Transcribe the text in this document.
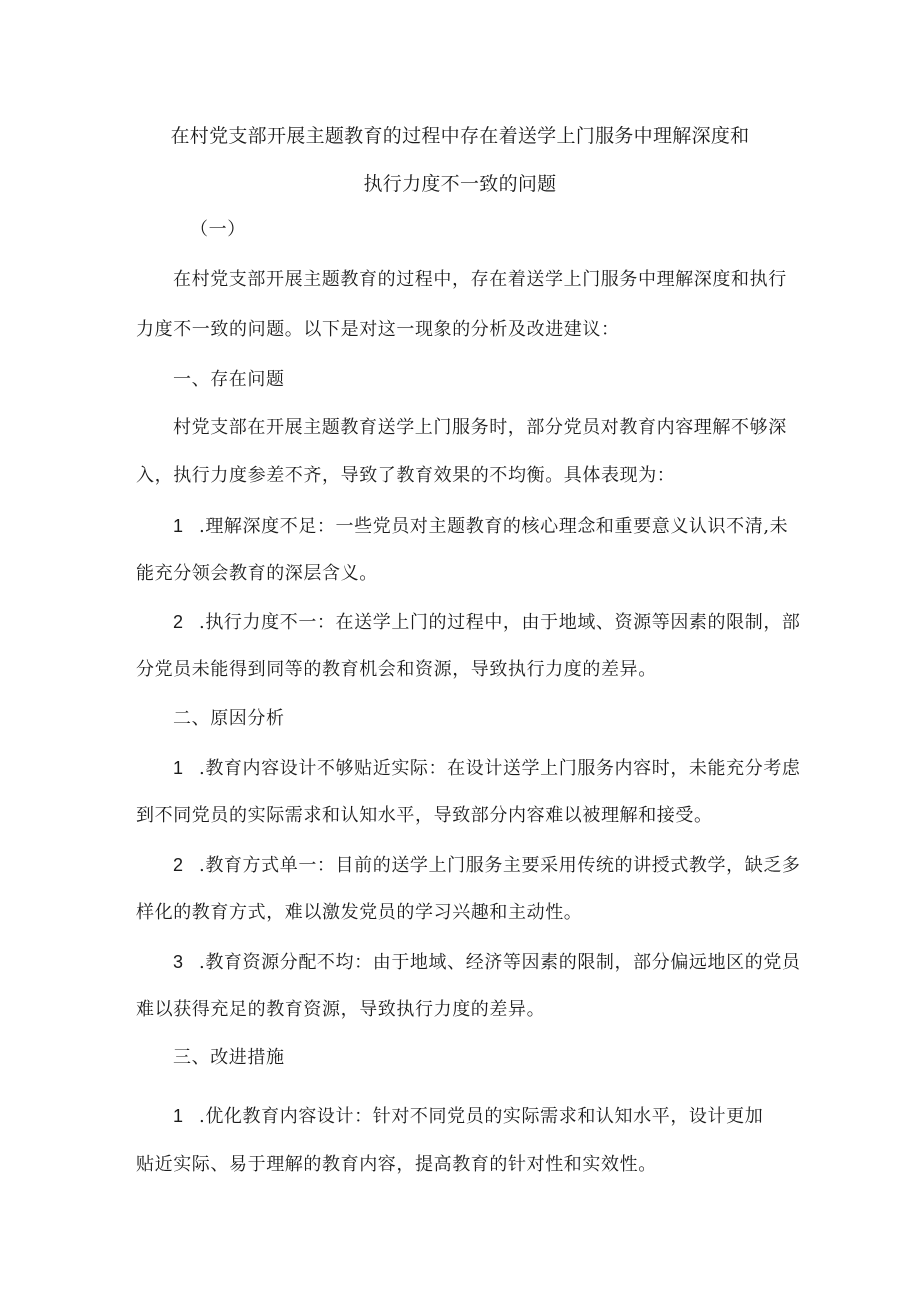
在村党支部开展主题教育的过程中存在着送学上门服务中理解深度和
执行力度不一致的问题
（一）
在村党支部开展主题教育的过程中，存在着送学上门服务中理解深度和执行
力度不一致的问题。以下是对这一现象的分析及改进建议：
一、存在问题
村党支部在开展主题教育送学上门服务时，部分党员对教育内容理解不够深
入，执行力度参差不齐，导致了教育效果的不均衡。具体表现为：
1 .理解深度不足：一些党员对主题教育的核心理念和重要意义认识不清,未
能充分领会教育的深层含义。
2 .执行力度不一：在送学上门的过程中，由于地域、资源等因素的限制，部
分党员未能得到同等的教育机会和资源，导致执行力度的差异。
二、原因分析
1 .教育内容设计不够贴近实际：在设计送学上门服务内容时，未能充分考虑
到不同党员的实际需求和认知水平，导致部分内容难以被理解和接受。
2 .教育方式单一：目前的送学上门服务主要采用传统的讲授式教学，缺乏多
样化的教育方式，难以激发党员的学习兴趣和主动性。
3 .教育资源分配不均：由于地域、经济等因素的限制，部分偏远地区的党员
难以获得充足的教育资源，导致执行力度的差异。
三、改进措施
1 .优化教育内容设计：针对不同党员的实际需求和认知水平，设计更加
贴近实际、易于理解的教育内容，提高教育的针对性和实效性。
